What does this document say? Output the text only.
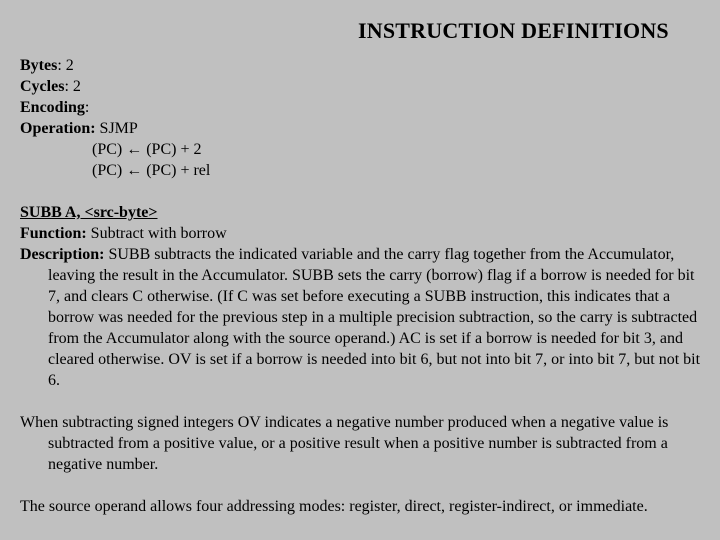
INSTRUCTION DEFINITIONS
Bytes: 2
Cycles: 2
Encoding:
Operation: SJMP
(PC) ← (PC) + 2
(PC) ← (PC) + rel
SUBB A, <src-byte>
Function: Subtract with borrow
Description: SUBB subtracts the indicated variable and the carry flag together from the Accumulator, leaving the result in the Accumulator. SUBB sets the carry (borrow) flag if a borrow is needed for bit 7, and clears C otherwise. (If C was set before executing a SUBB instruction, this indicates that a borrow was needed for the previous step in a multiple precision subtraction, so the carry is subtracted from the Accumulator along with the source operand.) AC is set if a borrow is needed for bit 3, and cleared otherwise. OV is set if a borrow is needed into bit 6, but not into bit 7, or into bit 7, but not bit 6.
When subtracting signed integers OV indicates a negative number produced when a negative value is subtracted from a positive value, or a positive result when a positive number is subtracted from a negative number.
The source operand allows four addressing modes: register, direct, register-indirect, or immediate.
